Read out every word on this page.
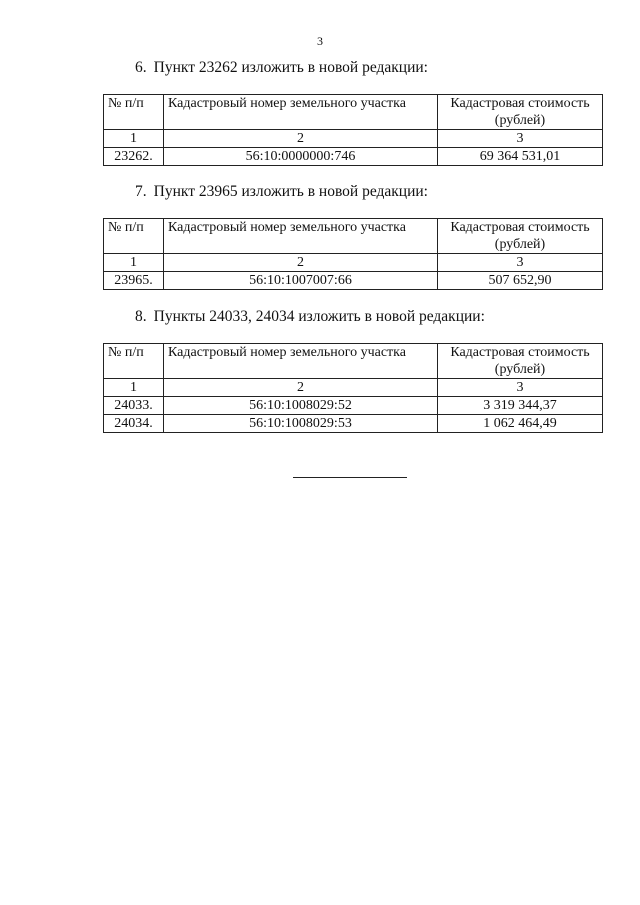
3

6. Пункт 23262 изложить в новой редакции:

№ п/п	Кадастровый номер земельного участка	Кадастровая стоимость (рублей)
1	2	3
23262.	56:10:0000000:746	69 364 531,01

7. Пункт 23965 изложить в новой редакции:

№ п/п	Кадастровый номер земельного участка	Кадастровая стоимость (рублей)
1	2	3
23965.	56:10:1007007:66	507 652,90

8. Пункты 24033, 24034 изложить в новой редакции:

№ п/п	Кадастровый номер земельного участка	Кадастровая стоимость (рублей)
1	2	3
24033.	56:10:1008029:52	3 319 344,37
24034.	56:10:1008029:53	1 062 464,49
